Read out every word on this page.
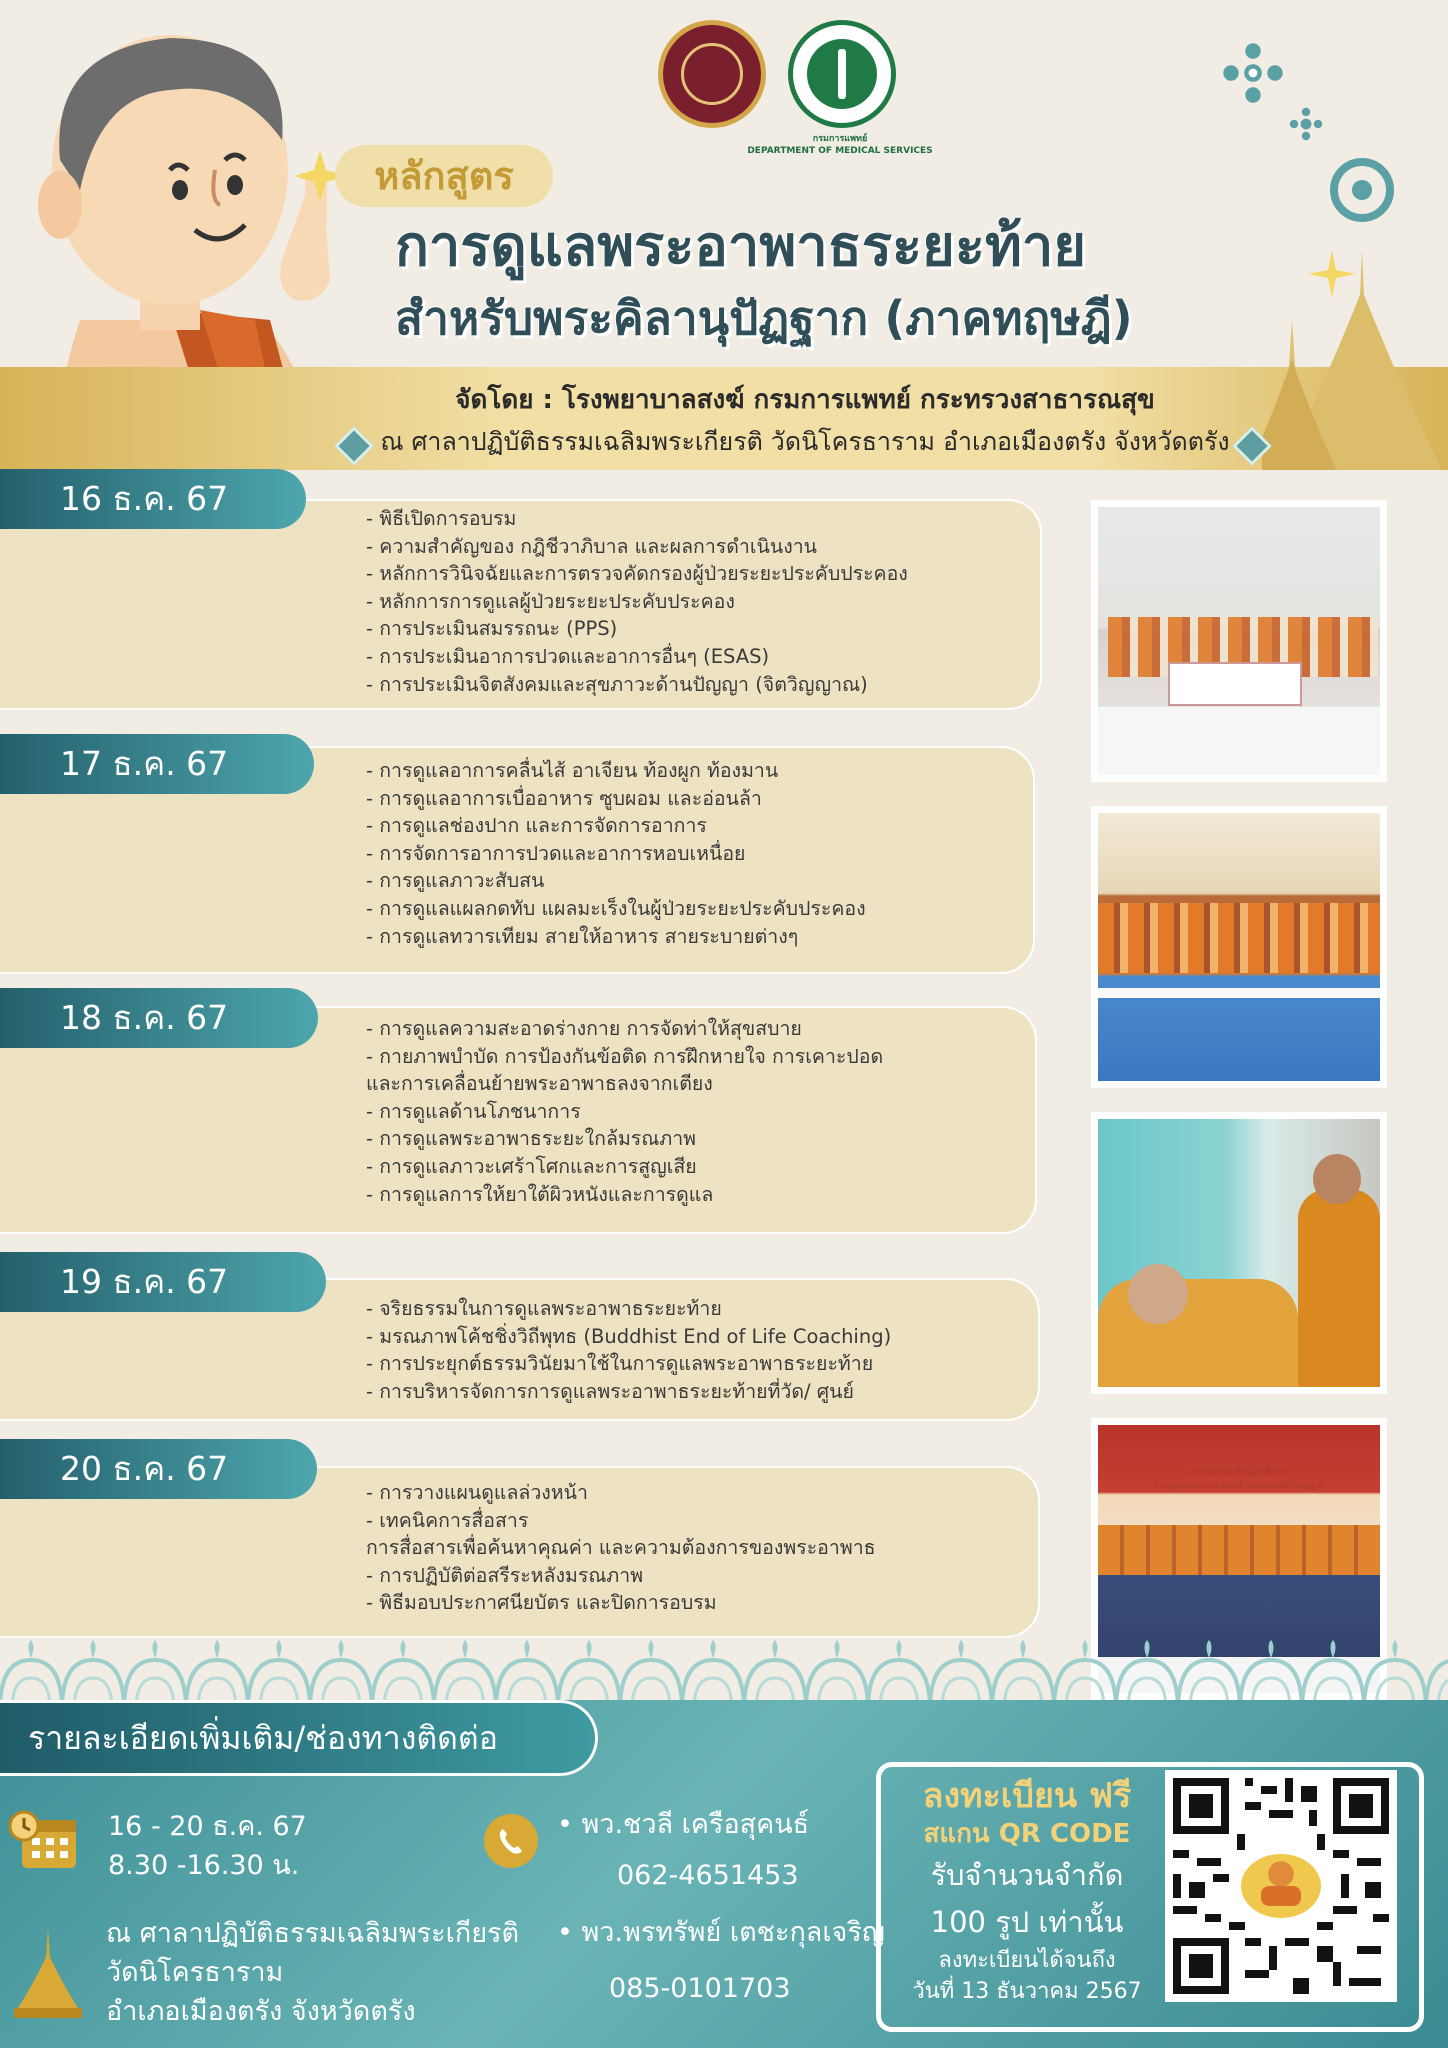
กรมการแพทย์
DEPARTMENT OF MEDICAL SERVICES
หลักสูตร
การดูแลพระอาพาธระยะท้าย
สำหรับพระคิลานุปัฏฐาก (ภาคทฤษฎี)
จัดโดย : โรงพยาบาลสงฆ์ กรมการแพทย์ กระทรวงสาธารณสุข
ณ ศาลาปฏิบัติธรรมเฉลิมพระเกียรติ วัดนิโครธาราม อำเภอเมืองตรัง จังหวัดตรัง
16 ธ.ค. 67
- พิธีเปิดการอบรม
- ความสำคัญของ กฎิชีวาภิบาล และผลการดำเนินงาน
- หลักการวินิจฉัยและการตรวจคัดกรองผู้ป่วยระยะประคับประคอง
- หลักการการดูแลผู้ป่วยระยะประคับประคอง
- การประเมินสมรรถนะ (PPS)
- การประเมินอาการปวดและอาการอื่นๆ (ESAS)
- การประเมินจิตสังคมและสุขภาวะด้านปัญญา (จิตวิญญาณ)
17 ธ.ค. 67	- การดูแลอาการคลื่นไส้ อาเจียน ท้องผูก ท้องมาน
- การดูแลอาการเบื่ออาหาร ซูบผอม และอ่อนล้า
- การดูแลช่องปาก และการจัดการอาการ
- การจัดการอาการปวดและอาการหอบเหนื่อย
- การดูแลภาวะสับสน
- การดูแลแผลกดทับ แผลมะเร็งในผู้ป่วยระยะประคับประคอง
- การดูแลทวารเทียม สายให้อาหาร สายระบายต่างๆ
18 ธ.ค. 67	- การดูแลความสะอาดร่างกาย การจัดท่าให้สุขสบาย
- กายภาพบำบัด การป้องกันข้อติด การฝึกหายใจ การเคาะปอด
และการเคลื่อนย้ายพระอาพาธลงจากเตียง
- การดูแลด้านโภชนาการ
- การดูแลพระอาพาธระยะใกล้มรณภาพ
- การดูแลภาวะเศร้าโศกและการสูญเสีย
- การดูแลการให้ยาใต้ผิวหนังและการดูแล
19 ธ.ค. 67
- จริยธรรมในการดูแลพระอาพาธระยะท้าย
- มรณภาพโค้ชชิ่งวิถีพุทธ (Buddhist End of Life Coaching)
- การประยุกต์ธรรมวินัยมาใช้ในการดูแลพระอาพาธระยะท้าย
- การบริหารจัดการการดูแลพระอาพาธระยะท้ายที่วัด/ ศูนย์
20 ธ.ค. 67
- การวางแผนดูแลล่วงหน้า
- เทคนิคการสื่อสาร
การสื่อสารเพื่อค้นหาคุณค่า และความต้องการของพระอาพาธ
- การปฏิบัติต่อสรีระหลังมรณภาพ
- พิธีมอบประกาศนียบัตร และปิดการอบรม
การอบรมเชิงปฏิบัติการ
การดูแลพระอาพาธระยะท้ายของพระคิลานุปัฏฐาก
รายละเอียดเพิ่มเติม/ช่องทางติดต่อ
16 - 20 ธ.ค. 67
8.30 -16.30 น.
ณ ศาลาปฏิบัติธรรมเฉลิมพระเกียรติ
วัดนิโครธาราม
อำเภอเมืองตรัง จังหวัดตรัง
• พว.ชวลี เครือสุคนธ์
062-4651453
• พว.พรทรัพย์ เตชะกุลเจริญ
085-0101703
ลงทะเบียน ฟรี
สแกน QR CODE
รับจำนวนจำกัด
100 รูป เท่านั้น
ลงทะเบียนได้จนถึง
วันที่ 13 ธันวาคม 2567
